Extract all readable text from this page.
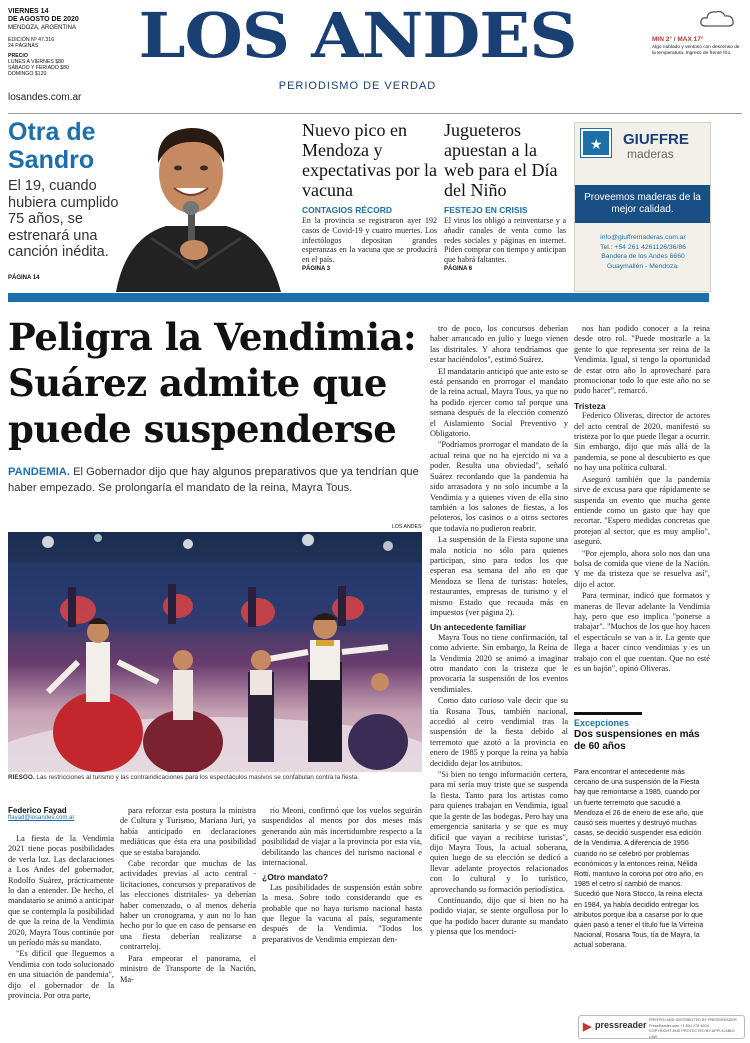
VIERNES 14
DE AGOSTO DE 2020
MENDOZA, ARGENTINA
EDICIÓN Nº 47.316
24 PÁGINAS
PRECIO
LUNES A VIERNES $80
SÁBADO Y FERIADO $80
DOMINGO $120
losandes.com.ar
LOS ANDES
PERIODISMO DE VERDAD
MIN 2° / MAX 17°
Algo nublado y ventoso con descenso de la temperatura. Ingreso de frente frío.
Otra de Sandro
El 19, cuando hubiera cumplido 75 años, se estrenará una canción inédita.
PÁGINA 14
Nuevo pico en Mendoza y expectativas por la vacuna
CONTAGIOS RÉCORD
En la provincia se registraron ayer 192 casos de Covid-19 y cuatro muertes. Los infectólogos depositan grandes esperanzas en la vacuna que se producirá en el país.
PÁGINA 3
Jugueteros apuestan a la web para el Día del Niño
FESTEJO EN CRISIS
El virus los obligó a reinventarse y a añadir canales de venta como las redes sociales y páginas en internet. Piden comprar con tiempo y anticipan que habrá faltantes.
PÁGINA 6
★ GIUFFRE
maderas
Proveemos maderas de la mejor calidad.
info@giuffremaderas.com.ar
Tel.: +54 261 4261126/36/86
Bandera de los Andes 6660
Guaymallén - Mendoza.
Peligra la Vendimia: Suárez admite que puede suspenderse
PANDEMIA. El Gobernador dijo que hay algunos preparativos que ya tendrían que haber empezado. Se prolongaría el mandato de la reina, Mayra Tous.
LOS ANDES
RIESGO. Las restricciones al turismo y las contraindicaciones para los espectáculos masivos se confabulan contra la fiesta.
Federico Fayad
ffayad@losandes.com.ar

La fiesta de la Vendimia 2021 tiene pocas posibilidades de verla luz. Las declaraciones a Los Andes del gobernador, Rodolfo Suárez, prácticamente lo dan a entender. De hecho, el mandatario se animó a anticipar que se contempla la posibilidad de que la reina de la Vendimia 2020, Mayra Tous continúe por un período más su mandato.

"Es difícil que lleguemos a Vendimia con todo solucionado en una situación de pandemia", dijo el gobernador de la provincia. Por otra parte,

para reforzar esta postura la ministra de Cultura y Turismo, Mariana Juri, ya había anticipado en declaraciones mediáticas que ésta era una posibilidad que se estaba barajando.

Cabe recordar que muchas de las actividades previas al acto central - licitaciones, concursos y preparativos de las elecciones distritales- ya deberían haber comenzado, o al menos debería haber un cronograma, y aun no lo han hecho por lo que en caso de pensarse en una fiesta deberían realizarse a contrarreloj.

Para empeorar el panorama, el ministro de Transporte de la Nación, Ma-

rio Meoni, confirmó que los vuelos seguirán suspendidos al menos por dos meses más generando aún más incertidumbre respecto a la posibilidad de viajar a la provincia por esta vía, debilitando las chances del turismo nacional e internacional.

¿Otro mandato?

Las posibilidades de suspensión están sobre la mesa. Sobre todo considerando que es probable que no haya turismo nacional hasta que llegue la vacuna al país, seguramente después de la Vendimia. "Todos los preparativos de Vendimia empiezan den-

tro de poco, los concursos deberían haber arrancado en julio y luego vienen las distritales. Y ahora tendríamos que estar haciéndolos", estimó Suárez.

El mandatario anticipó que ante esto se está pensando en prorrogar el mandato de la reina actual, Mayra Tous, ya que no ha podido ejercer como tal porque una semana después de la elección comenzó el Aislamiento Social Preventivo y Obligatorio.

"Podríamos prorrogar el mandato de la actual reina que no ha ejercido ni va a poder. Resulta una obviedad", señaló Suárez recordando que la pandemia ha sido arrasadora y no solo incumbe a la Vendimia y a quienes viven de ella sino también a los salones de fiestas, a los peloteros, los casinos o a otros sectores que todavía no pudieron reabrir.

La suspensión de la Fiesta supone una mala noticia no sólo para quienes participan, sino para todos los que esperan esa semana del año en que Mendoza se llena de turistas: hoteles, restaurantes, empresas de turismo y el mismo Estado que recauda más en impuestos (ver página 2).

Un antecedente familiar

Mayra Tous no tiene confirmación, tal como advierte. Sin embargo, la Reina de la Vendimia 2020 se animó a imaginar otro mandato con la tristeza que le provocaría la suspensión de los eventos vendimiales.

Como dato curioso vale decir que su tía Rosana Tous, también nacional, accedió al cetro vendimial tras la suspensión de la fiesta debido al terremoto que azotó a la provincia en enero de 1985 y porque la reina ya había decidido dejar los atributos.

"Si bien no tengo información certera, para mí sería muy triste que se suspenda la fiesta. Tanto para los artistas como para quienes trabajan en Vendimia, igual que la gente de las bodegas. Pero hay una emergencia sanitaria y se que es muy difícil que vayan a recibirse turistas", dijo Mayra Tous, la actual soberana, quien luego de su elección se dedicó a llevar adelante proyectos relacionados con lo cultural y lo turístico, aprovechando su formación periodística.

Continuando, dijo que si bien no ha podido viajar, se siente orgullosa por lo que ha podido hacer durante su mandato y piensa que los mendoci-

nos han podido conocer a la reina desde otro rol. "Puede mostrarle a la gente lo que representa ser reina de la Vendimia. Igual, si tengo la oportunidad de estar otro año lo aprovecharé para promocionar todo lo que este año no se pudo hacer", remarcó.

Tristeza

Federico Oliveras, director de actores del acto central de 2020, manifestó su tristeza por lo que puede llegar a ocurrir. Sin embargo, dijo que más allá de la pandemia, se pone al descubierto es que no hay una política cultural.

Aseguró también que la pandemia sirve de excusa para que rápidamente se suspenda un evento que mucha gente entiende como un gasto que hay que recortar. "Espero medidas concretas que protejan al sector, que es muy amplio", aseguró.

"Por ejemplo, ahora solo nos dan una bolsa de comida que viene de la Nación. Y me da tristeza que se resuelva así", dijo el actor.

Para terminar, indicó que formatos y maneras de llevar adelante la Vendimia hay, pero que eso implica "ponerse a trabajar". "Muchos de los que hoy hacen el espectáculo se van a ir. La gente que llega a hacer cinco vendimias y es un trabajo con el que cuentan. Que no esté es un bajón", opinó Oliveras.

Excepciones
Dos suspensiones en más de 60 años
Para encontrar el antecedente más cercano de una suspensión de la Fiesta hay que remontarse a 1985, cuando por un fuerte terremoto que sacudió a Mendoza el 26 de enero de ese año, que causó seis muertes y destruyó muchas casas, se decidió suspender esa edición de la Vendimia. A diferencia de 1956 cuando no se celebró por problemas económicos y la entonces reina, Nélida Rotti, mantuvo la corona por otro año, en 1985 el cetro sí cambió de manos. Sucedió que Nora Stocco, la reina electa en 1984, ya había decidido entregar los atributos porque iba a casarse por lo que quien pasó a tener el título fue la Virreina Nacional, Rosana Tous, tía de Mayra, la actual soberana.
▶ pressreader PRINTED AND DISTRIBUTED BY PRESSREADER
PressReader.com +1 604 278 4604
COPYRIGHT AND PROTECTED BY APPLICABLE LAW
